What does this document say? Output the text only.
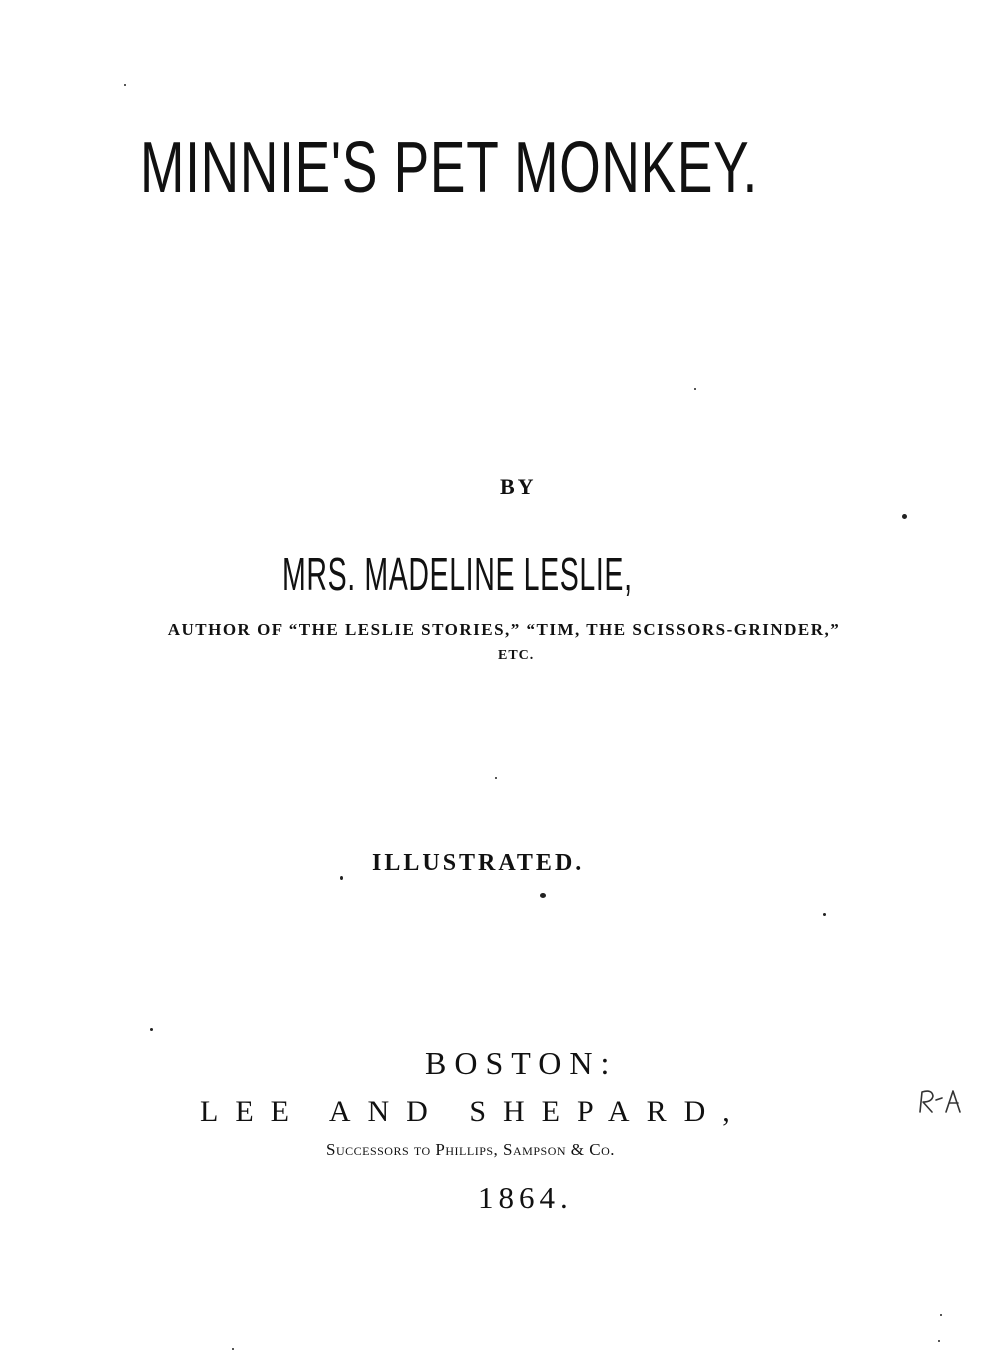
MINNIE'S PET MONKEY.
BY
MRS. MADELINE LESLIE,
AUTHOR OF “THE LESLIE STORIES,” “TIM, THE SCISSORS-GRINDER,”
ETC.
ILLUSTRATED.
BOSTON:
LEE AND SHEPARD,
Successors to Phillips, Sampson & Co.
1864.
